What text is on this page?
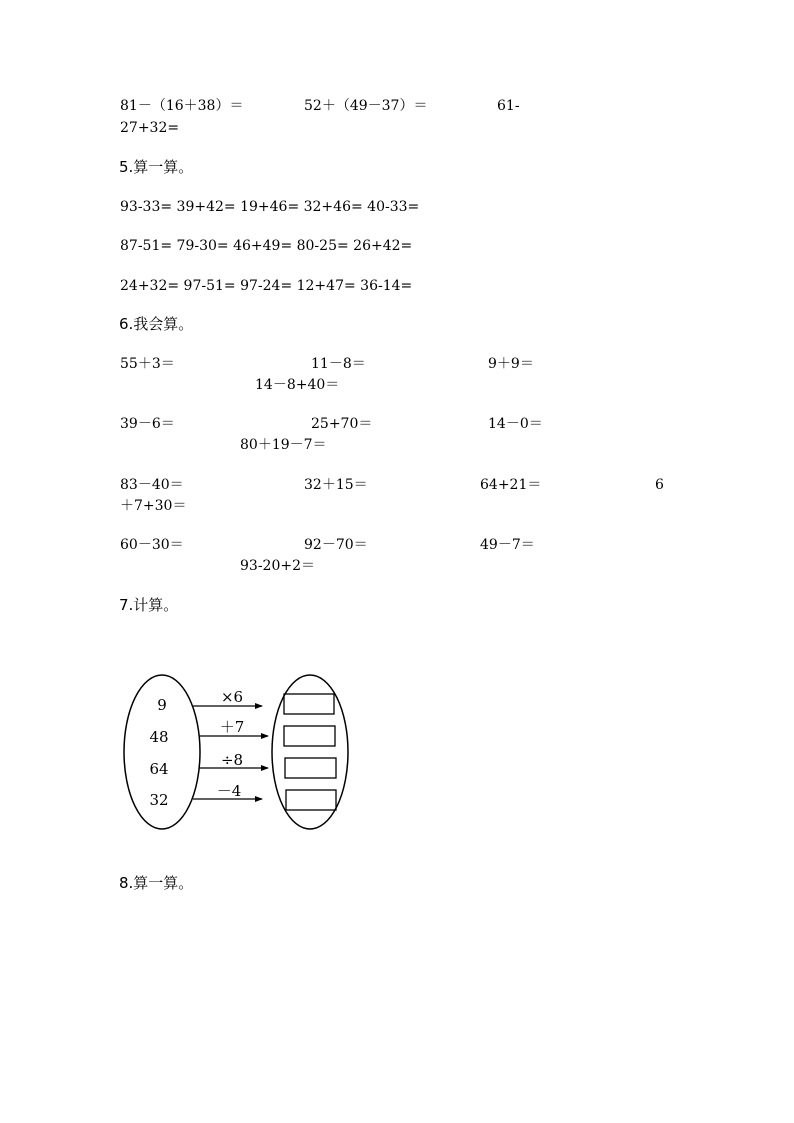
81－（16＋38）＝	52＋（49－37）＝	61-
27+32=
5.算一算。
93-33= 39+42= 19+46= 32+46= 40-33=
87-51= 79-30= 46+49= 80-25= 26+42=
24+32= 97-51= 97-24= 12+47= 36-14=
6.我会算。
55＋3＝	11－8＝	9＋9＝
14－8+40＝
39－6＝	25+70＝	14－0＝
80＋19－7＝
83－40＝	32＋15＝	64+21＝	6
＋7+30＝
60－30＝	92－70＝	49－7＝
93-20+2＝
7.计算。
9
48
64
32
×6
＋7
÷8
－4
8.算一算。
